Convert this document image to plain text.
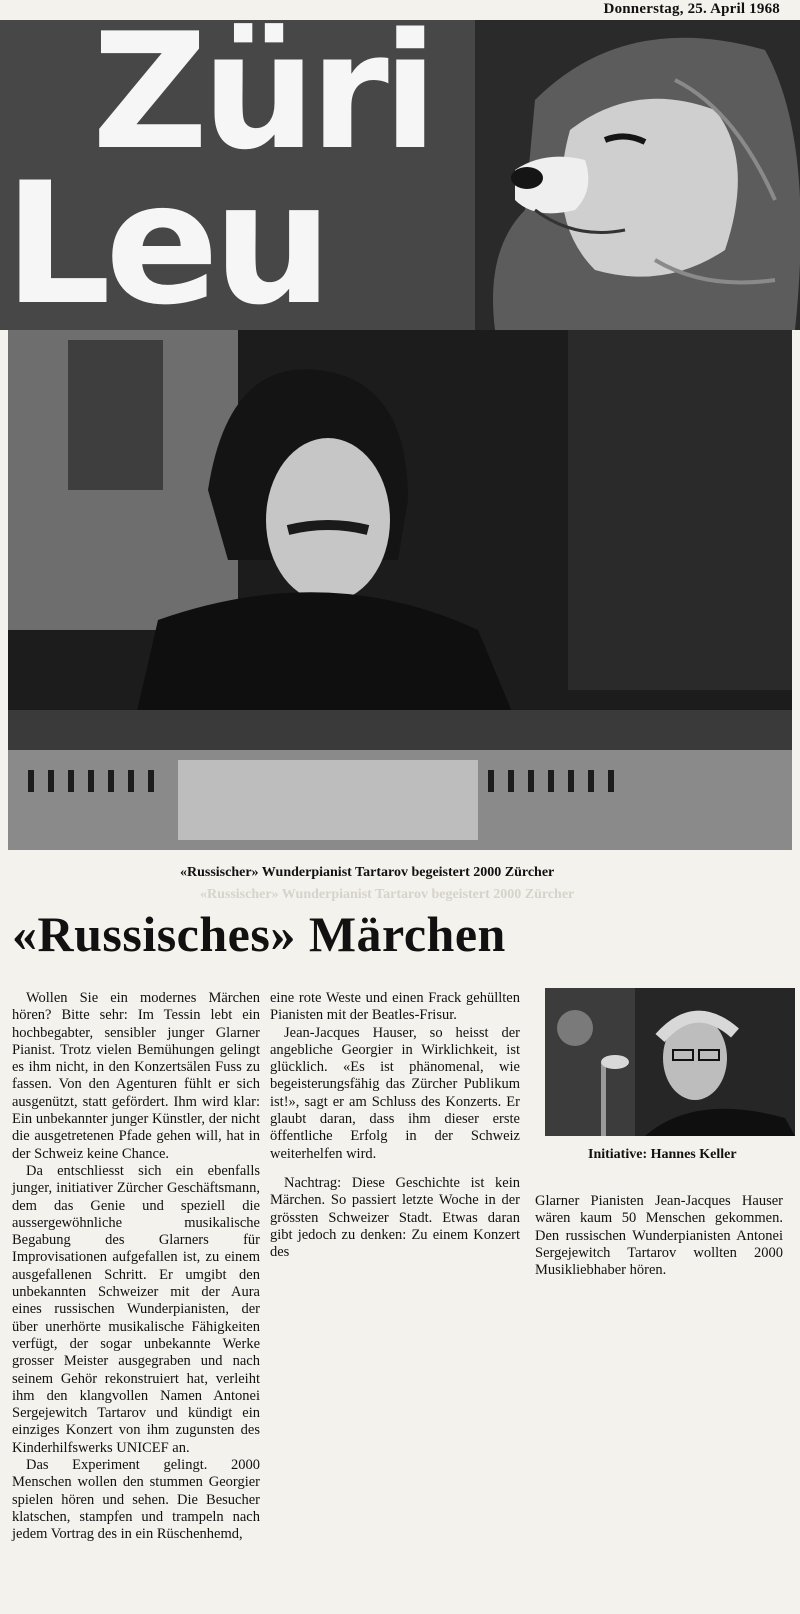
Donnerstag, 25. April 1968
Züri
Leu
«Russischer» Wunderpianist Tartarov begeistert 2000 Zürcher
«Russischer» Wunderpianist Tartarov begeistert 2000 Zürcher
«Russisches» Märchen

Wollen Sie ein modernes Märchen hören? Bitte sehr: Im Tessin lebt ein hochbegabter, sensibler junger Glarner Pianist. Trotz vielen Bemühungen gelingt es ihm nicht, in den Konzertsälen Fuss zu fassen. Von den Agenturen fühlt er sich ausgenützt, statt gefördert. Ihm wird klar: Ein unbekannter junger Künstler, der nicht die ausgetretenen Pfade gehen will, hat in der Schweiz keine Chance.

Da entschliesst sich ein ebenfalls junger, initiativer Zürcher Geschäftsmann, dem das Genie und speziell die aussergewöhnliche musikalische Begabung des Glarners für Improvisationen aufgefallen ist, zu einem ausgefallenen Schritt. Er umgibt den unbekannten Schweizer mit der Aura eines russischen Wunderpianisten, der über unerhörte musikalische Fähigkeiten verfügt, der sogar unbekannte Werke grosser Meister ausgegraben und nach seinem Gehör rekonstruiert hat, verleiht ihm den klangvollen Namen Antonei Sergejewitch Tartarov und kündigt ein einziges Konzert von ihm zugunsten des Kinderhilfswerks UNICEF an.

Das Experiment gelingt. 2000 Menschen wollen den stummen Georgier spielen hören und sehen. Die Besucher klatschen, stampfen und trampeln nach jedem Vortrag des in ein Rüschenhemd,

eine rote Weste und einen Frack gehüllten Pianisten mit der Beatles-Frisur.

Jean-Jacques Hauser, so heisst der angebliche Georgier in Wirklichkeit, ist glücklich. «Es ist phänomenal, wie begeisterungsfähig das Zürcher Publikum ist!», sagt er am Schluss des Konzerts. Er glaubt daran, dass ihm dieser erste öffentliche Erfolg in der Schweiz weiterhelfen wird.

Nachtrag: Diese Geschichte ist kein Märchen. So passiert letzte Woche in der grössten Schweizer Stadt. Etwas daran gibt jedoch zu denken: Zu einem Konzert des

Initiative: Hannes Keller

Glarner Pianisten Jean-Jacques Hauser wären kaum 50 Menschen gekommen. Den russischen Wunderpianisten Antonei Sergejewitch Tartarov wollten 2000 Musikliebhaber hören.
